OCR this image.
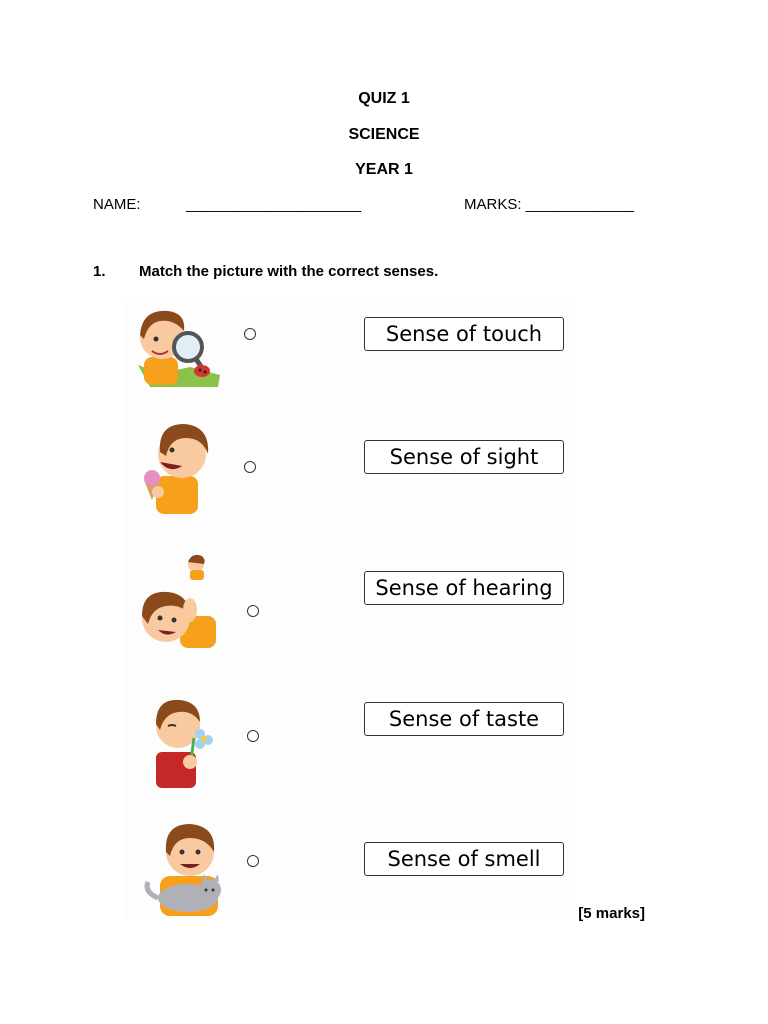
QUIZ 1
SCIENCE
YEAR 1
NAME:	_____________________	MARKS: _____________
1. Match the picture with the correct senses.
Sense of touch
Sense of sight
Sense of hearing
Sense of taste
Sense of smell
[5 marks]
